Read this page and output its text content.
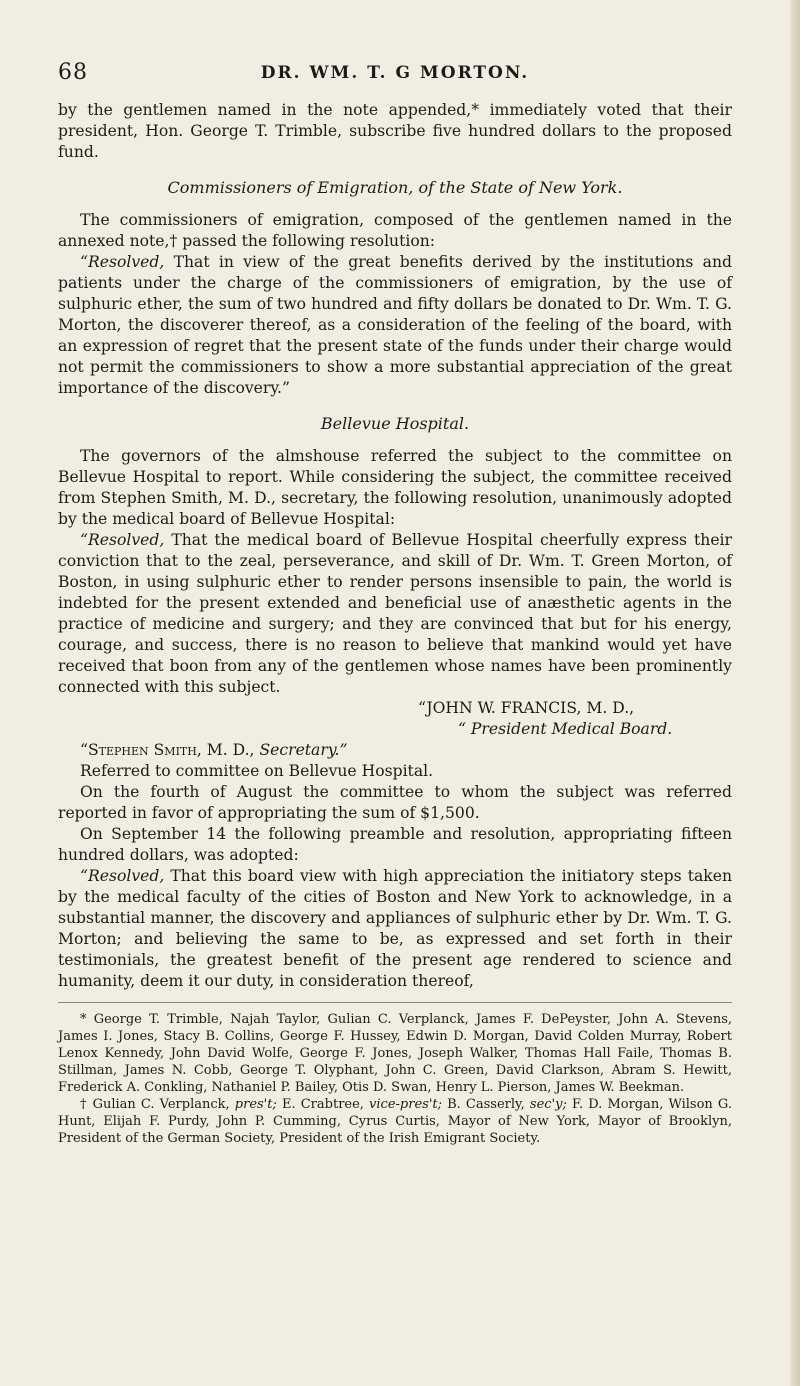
68	DR. WM. T. G MORTON.

by the gentlemen named in the note appended,* immediately voted that their president, Hon. George T. Trimble, subscribe five hundred dollars to the proposed fund.

Commissioners of Emigration, of the State of New York.

The commissioners of emigration, composed of the gentlemen named in the annexed note,† passed the following resolution:

“Resolved, That in view of the great benefits derived by the institutions and patients under the charge of the commissioners of emigration, by the use of sulphuric ether, the sum of two hundred and fifty dollars be donated to Dr. Wm. T. G. Morton, the discoverer thereof, as a consideration of the feeling of the board, with an expression of regret that the present state of the funds under their charge would not permit the commissioners to show a more substantial appreciation of the great importance of the discovery.”

Bellevue Hospital.

The governors of the almshouse referred the subject to the committee on Bellevue Hospital to report. While considering the subject, the committee received from Stephen Smith, M. D., secretary, the following resolution, unanimously adopted by the medical board of Bellevue Hospital:

“Resolved, That the medical board of Bellevue Hospital cheerfully express their conviction that to the zeal, perseverance, and skill of Dr. Wm. T. Green Morton, of Boston, in using sulphuric ether to render persons insensible to pain, the world is indebted for the present extended and beneficial use of anæsthetic agents in the practice of medicine and surgery; and they are convinced that but for his energy, courage, and success, there is no reason to believe that mankind would yet have received that boon from any of the gentlemen whose names have been prominently connected with this subject.

“JOHN W. FRANCIS, M. D.,
“ President Medical Board.
“Stephen Smith, M. D., Secretary.”

Referred to committee on Bellevue Hospital.

On the fourth of August the committee to whom the subject was referred reported in favor of appropriating the sum of $1,500.

On September 14 the following preamble and resolution, appropriating fifteen hundred dollars, was adopted:

“Resolved, That this board view with high appreciation the initiatory steps taken by the medical faculty of the cities of Boston and New York to acknowledge, in a substantial manner, the discovery and appliances of sulphuric ether by Dr. Wm. T. G. Morton; and believing the same to be, as expressed and set forth in their testimonials, the greatest benefit of the present age rendered to science and humanity, deem it our duty, in consideration thereof,

* George T. Trimble, Najah Taylor, Gulian C. Verplanck, James F. DePeyster, John A. Stevens, James I. Jones, Stacy B. Collins, George F. Hussey, Edwin D. Morgan, David Colden Murray, Robert Lenox Kennedy, John David Wolfe, George F. Jones, Joseph Walker, Thomas Hall Faile, Thomas B. Stillman, James N. Cobb, George T. Olyphant, John C. Green, David Clarkson, Abram S. Hewitt, Frederick A. Conkling, Nathaniel P. Bailey, Otis D. Swan, Henry L. Pierson, James W. Beekman.

† Gulian C. Verplanck, pres't; E. Crabtree, vice-pres't; B. Casserly, sec'y; F. D. Morgan, Wilson G. Hunt, Elijah F. Purdy, John P. Cumming, Cyrus Curtis, Mayor of New York, Mayor of Brooklyn, President of the German Society, President of the Irish Emigrant Society.
